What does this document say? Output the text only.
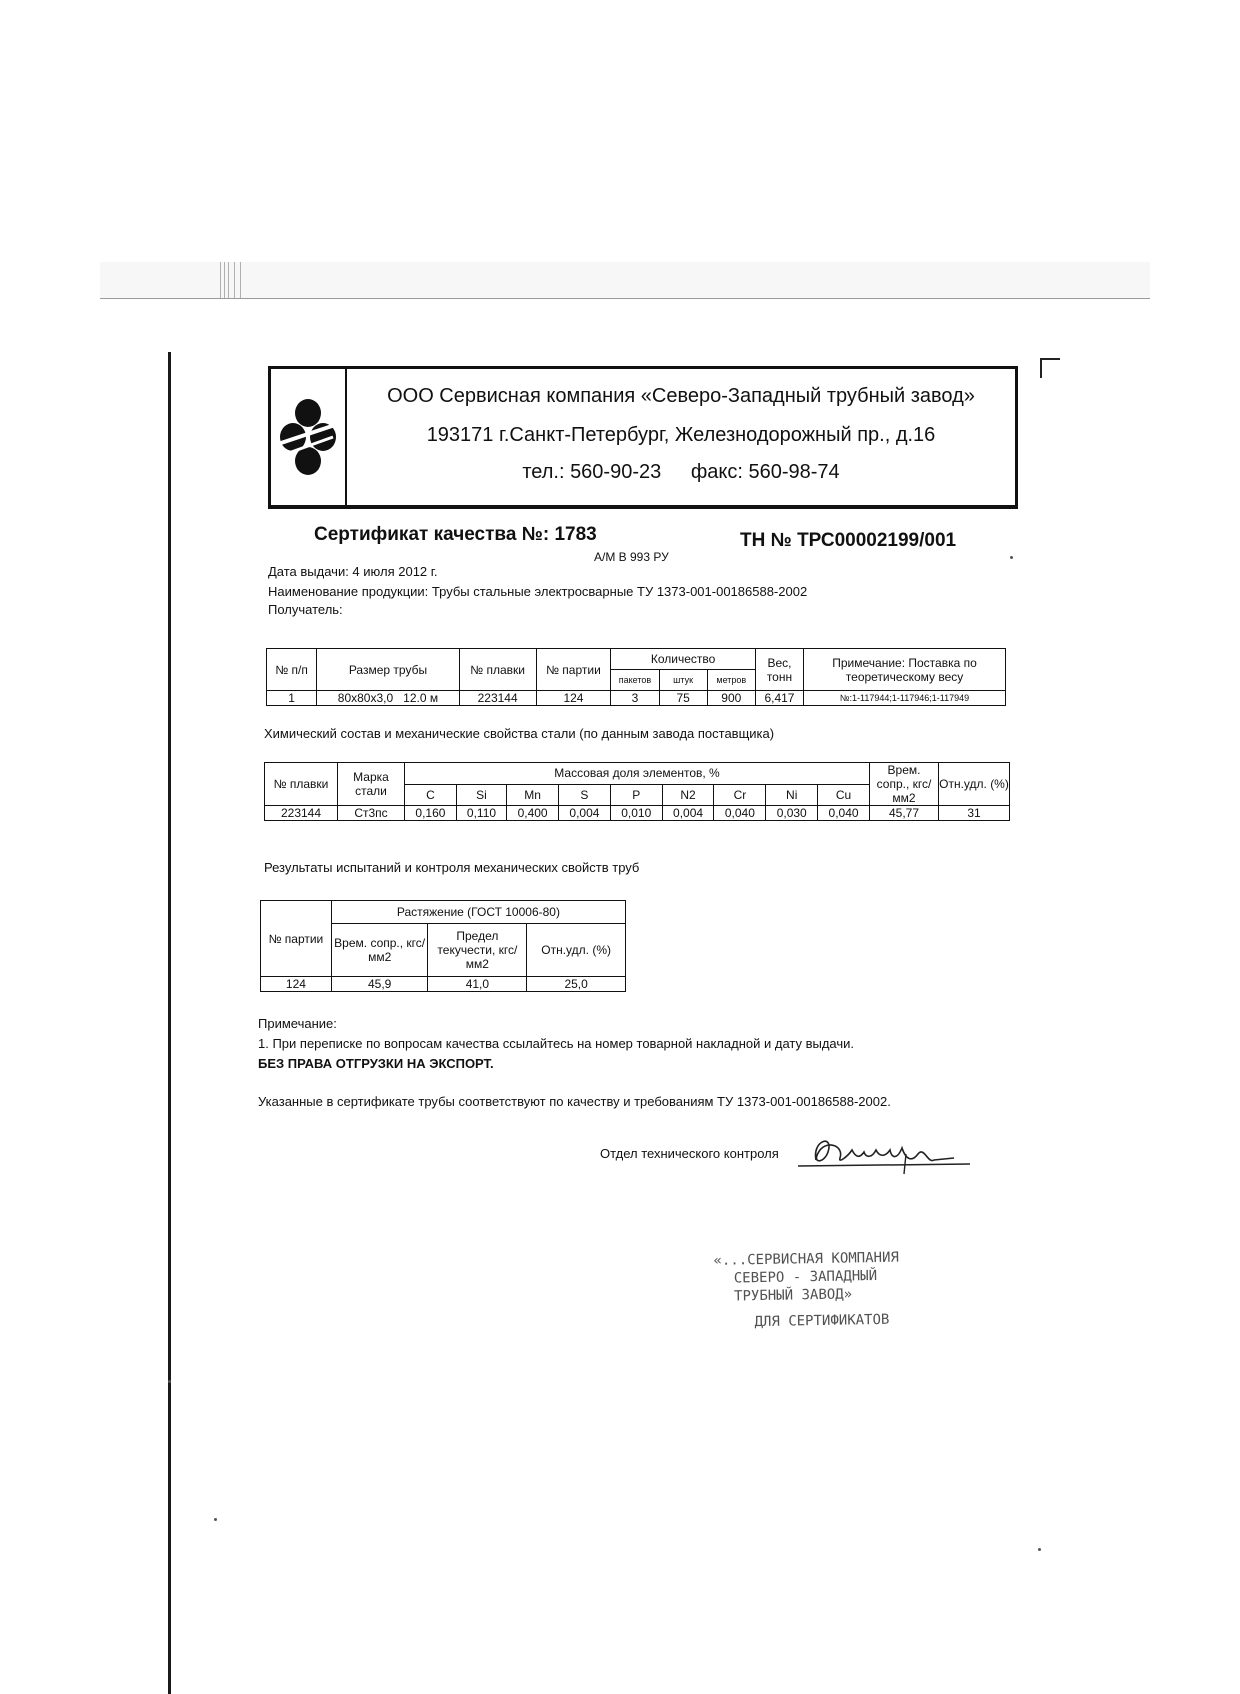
ООО Сервисная компания «Северо-Западный трубный завод»
193171 г.Санкт-Петербург, Железнодорожный пр., д.16
тел.: 560-90-23 факс: 560-98-74
Сертификат качества №: 1783	ТН № ТРС00002199/001
А/М В 993 РУ
Дата выдачи: 4 июля 2012 г.
Наименование продукции: Трубы стальные электросварные ТУ 1373-001-00186588-2002
Получатель:
№ п/п	Размер трубы	№ плавки	№ партии	Количество			Вес, тонн	Примечание: Поставка по теоретическому весу
				пакетов	штук	метров		
1	80х80х3,0 12.0 м	223144	124	3	75	900	6,417	№:1-117944;1-117946;1-117949
Химический состав и механические свойства стали (по данным завода поставщика)
№ плавки	Марка стали	Массовая доля элементов, %									Врем. сопр., кгс/мм2	Отн.удл. (%)
		C	Si	Mn	S	P	N2	Cr	Ni	Cu		
223144	Ст3пс	0,160	0,110	0,400	0,004	0,010	0,004	0,040	0,030	0,040	45,77	31
Результаты испытаний и контроля механических свойств труб
№ партии	Растяжение (ГОСТ 10006-80)		
	Врем. сопр., кгс/мм2	Предел текучести, кгс/мм2	Отн.удл. (%)
124	45,9	41,0	25,0
Примечание:
1. При переписке по вопросам качества ссылайтесь на номер товарной накладной и дату выдачи.
БЕЗ ПРАВА ОТГРУЗКИ НА ЭКСПОРТ.
Указанные в сертификате трубы соответствуют по качеству и требованиям ТУ 1373-001-00186588-2002.
Отдел технического контроля
«...СЕРВИСНАЯ КОМПАНИЯ
СЕВЕРО - ЗАПАДНЫЙ
ТРУБНЫЙ ЗАВОД»
ДЛЯ СЕРТИФИКАТОВ
